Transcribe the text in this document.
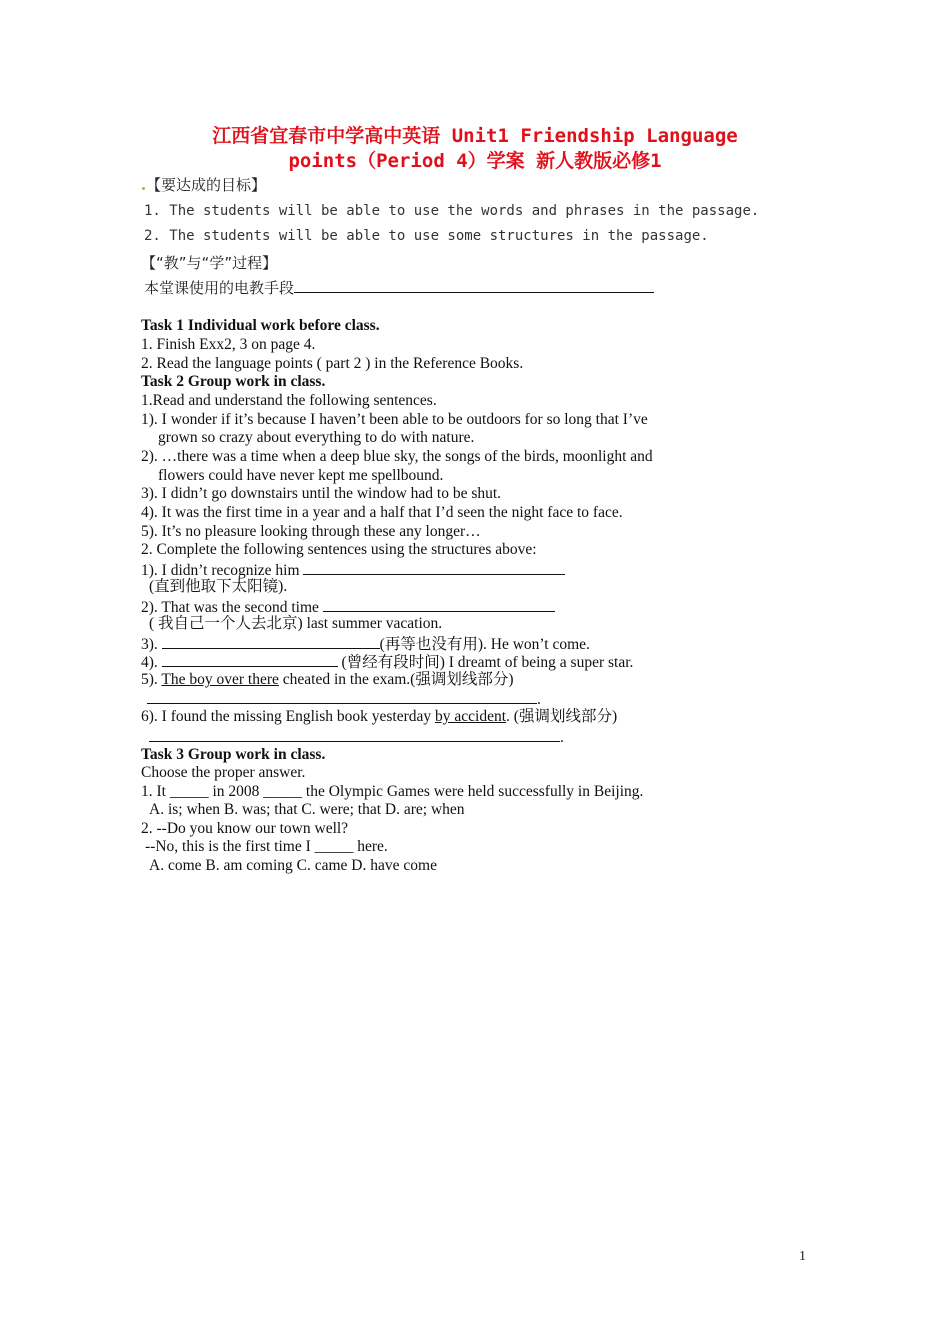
江西省宜春市中学高中英语 Unit1 Friendship Language
points（Period 4）学案 新人教版必修1
【要达成的目标】
1. The students will be able to use the words and phrases in the passage.
2. The students will be able to use some structures in the passage.
【“教”与“学”过程】
本堂课使用的电教手段
Task 1 Individual work before class.
1. Finish Exx2, 3 on page 4.
2. Read the language points ( part 2 ) in the Reference Books.
Task 2 Group work in class.
1.Read and understand the following sentences.
1). I wonder if it’s because I haven’t been able to be outdoors for so long that I’ve
grown so crazy about everything to do with nature.
2). …there was a time when a deep blue sky, the songs of the birds, moonlight and
flowers could have never kept me spellbound.
3). I didn’t go downstairs until the window had to be shut.
4). It was the first time in a year and a half that I’d seen the night face to face.
5). It’s no pleasure looking through these any longer…
2. Complete the following sentences using the structures above:
1). I didn’t recognize him
(直到他取下太阳镜).
2). That was the second time
( 我自己一个人去北京) last summer vacation.
3).	(再等也没有用). He won’t come.
4).	(曾经有段时间) I dreamt of being a super star.
5). The boy over there cheated in the exam.(强调划线部分)
.
6). I found the missing English book yesterday by accident. (强调划线部分)
.
Task 3 Group work in class.
Choose the proper answer.
1. It _____ in 2008 _____ the Olympic Games were held successfully in Beijing.
A. is; when B. was; that C. were; that D. are; when
2. --Do you know our town well?
--No, this is the first time I _____ here.
A. come B. am coming C. came D. have come
1
